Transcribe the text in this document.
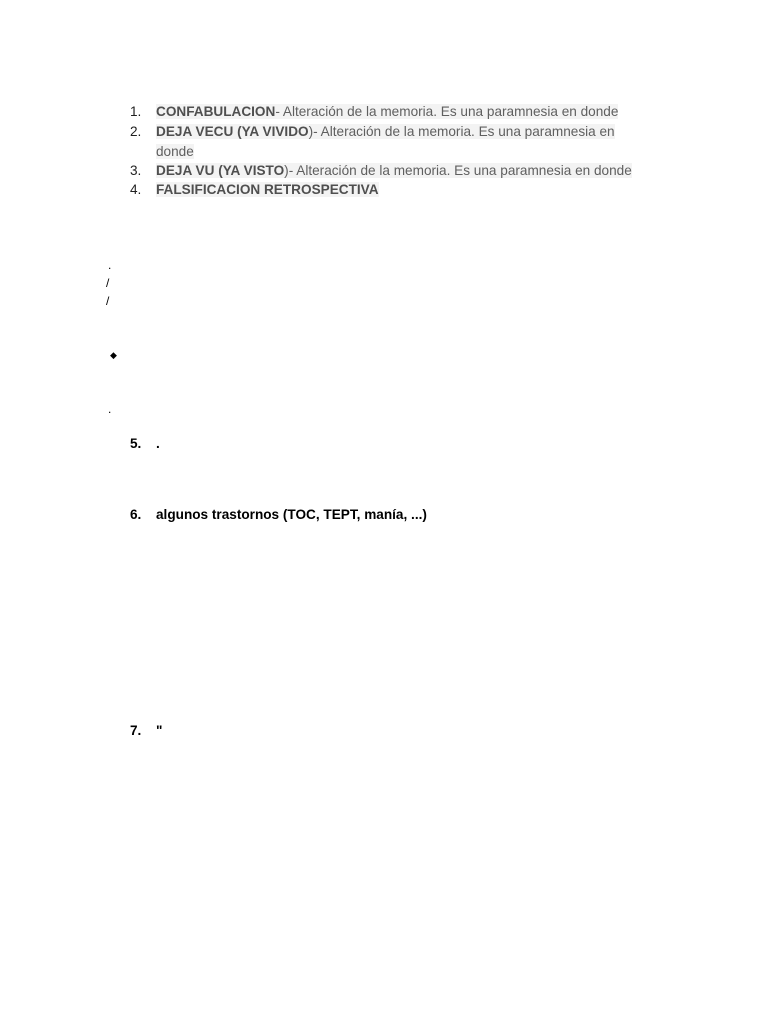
1.	CONFABULACION- Alteración de la memoria. Es una paramnesia en donde
2.	DEJA VECU (YA VIVIDO)- Alteración de la memoria. Es una paramnesia en donde
3.	DEJA VU (YA VISTO)- Alteración de la memoria. Es una paramnesia en donde
4.	FALSIFICACION RETROSPECTIVA
.
/
/
◆
.
5.	.
6.	algunos trastornos (TOC, TEPT, manía, ...)
7.	"
